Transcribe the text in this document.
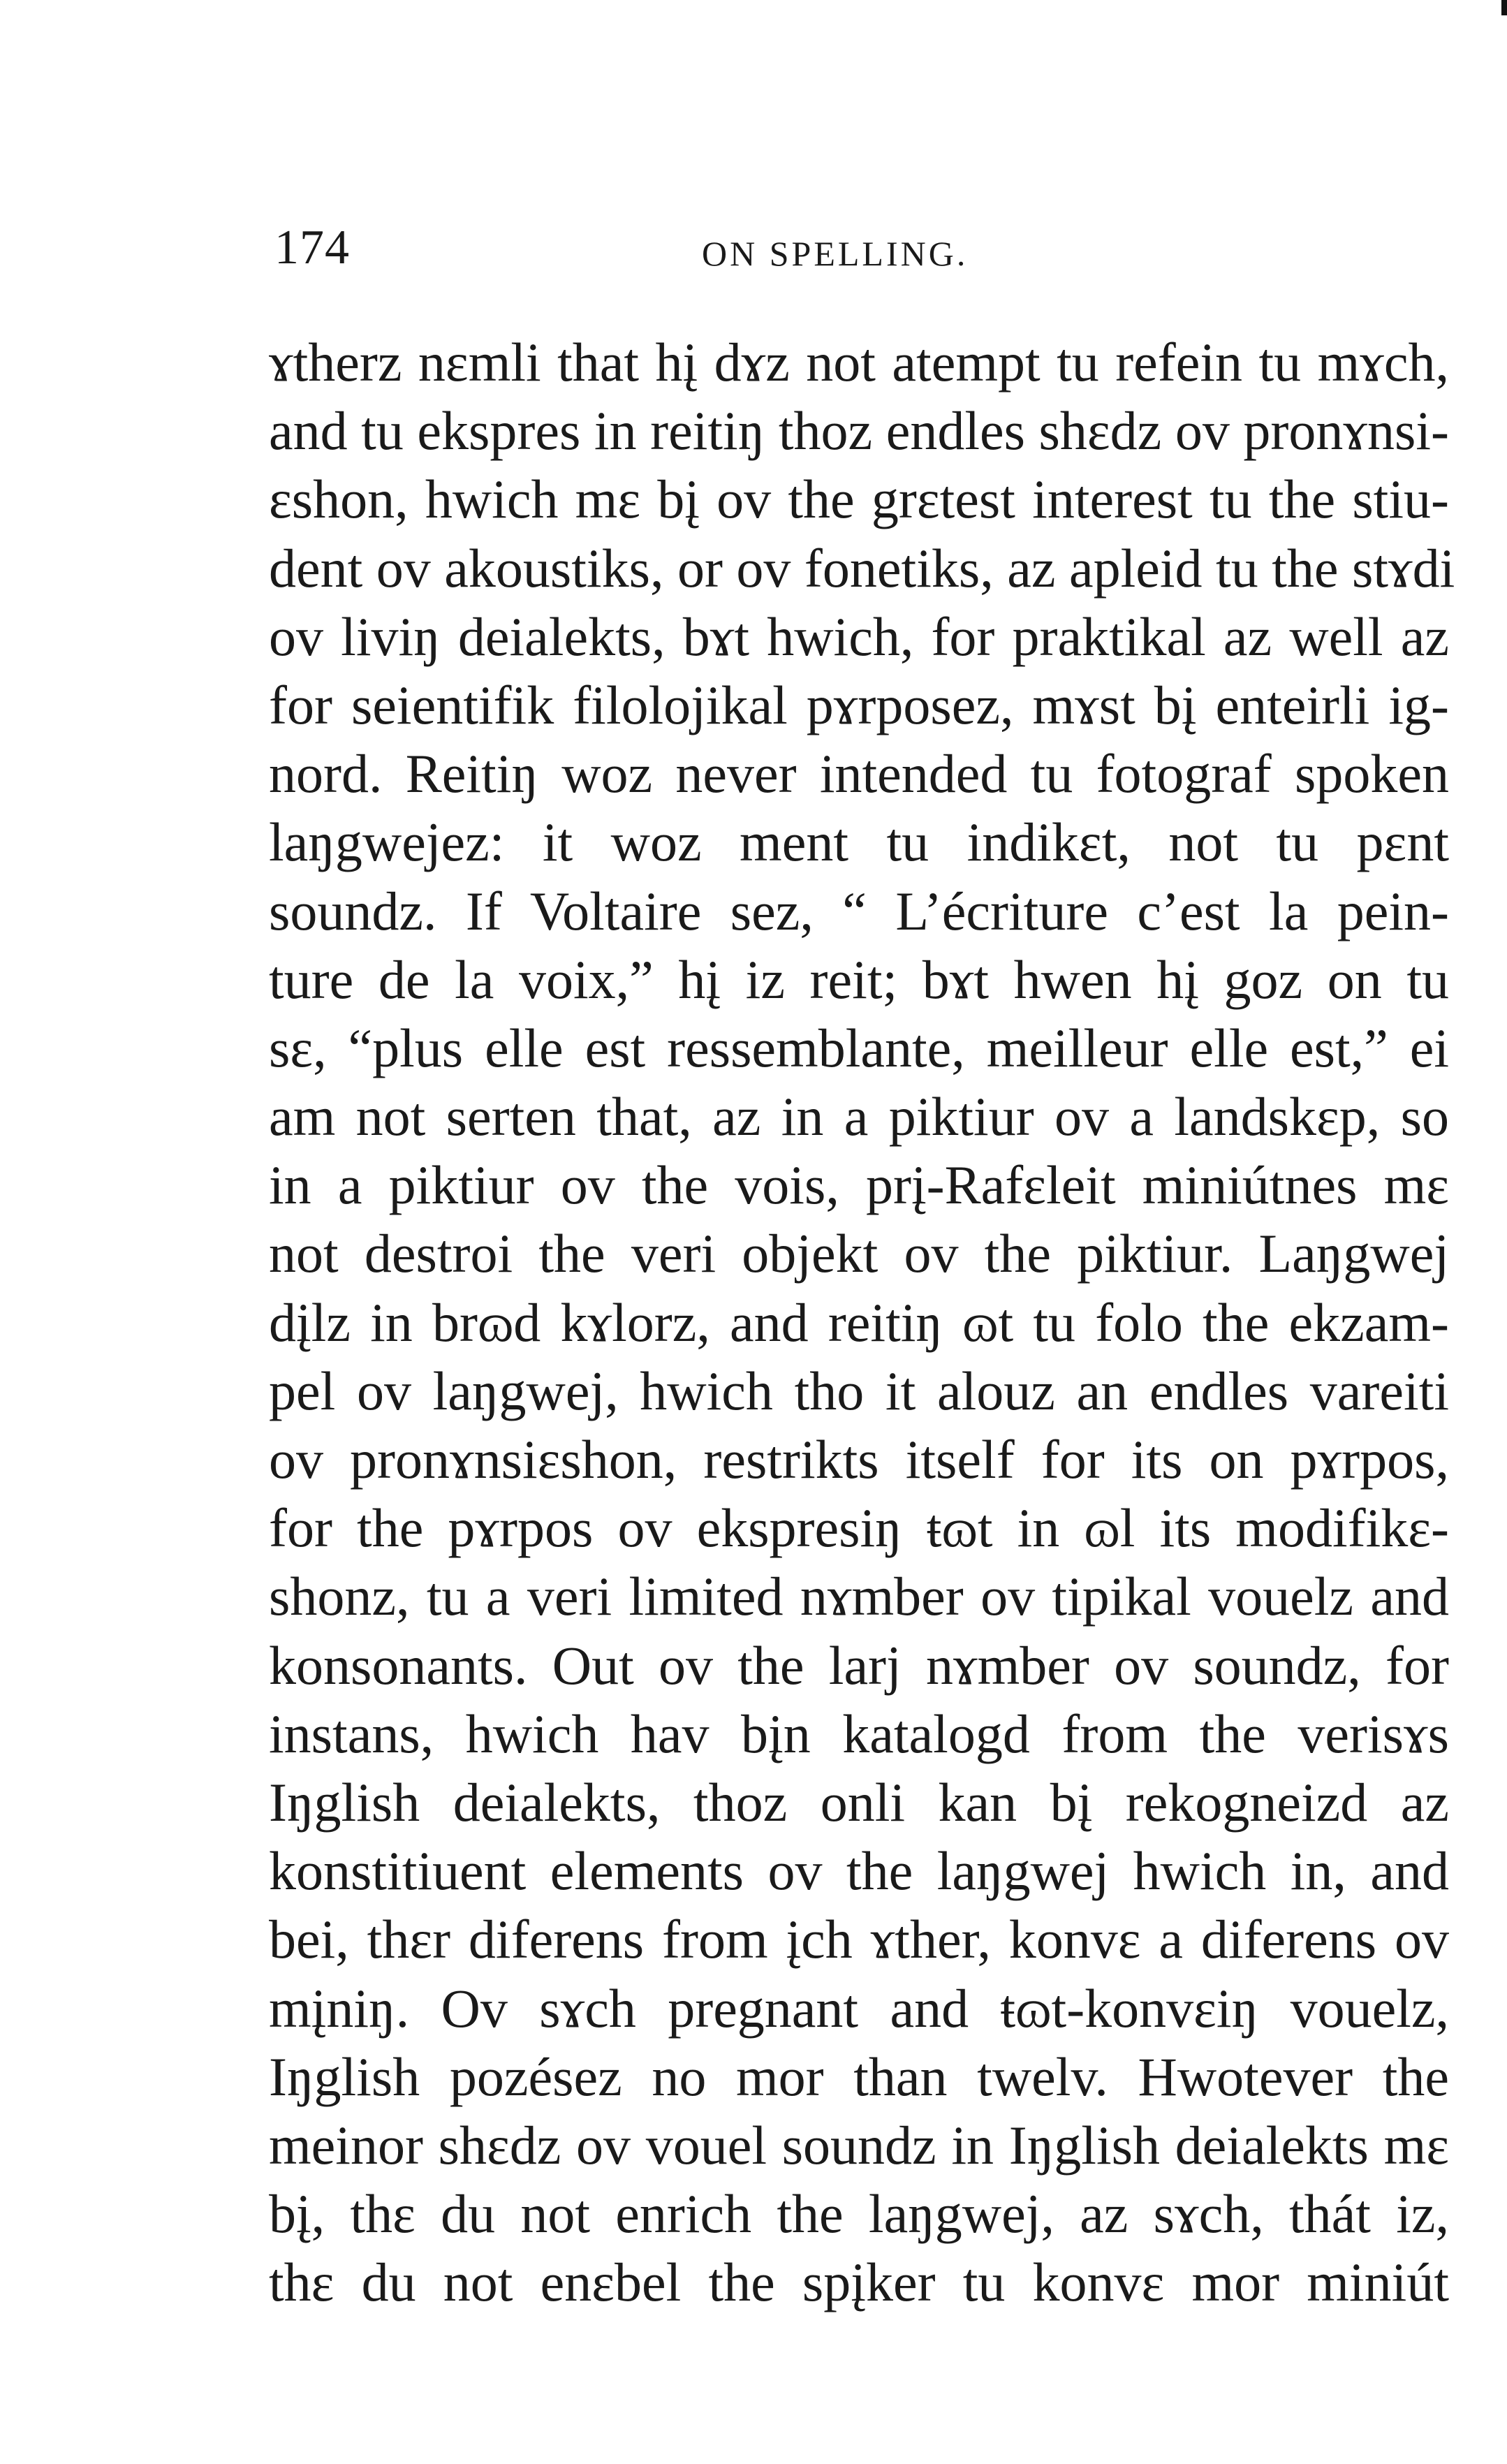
174	ON SPELLING.
ɤtherz nɛmli that hį dɤz not atempt tu refein tu mɤch,
and tu ekspres in reitiŋ thoz endles shɛdz ov pronɤnsi-
ɛshon, hwich mɛ bį ov the grɛtest interest tu the stiu-
dent ov akoustiks, or ov fonetiks, az apleid tu the stɤdi
ov liviŋ deialekts, bɤt hwich, for praktikal az well az
for seientifik filolojikal pɤrposez, mɤst bį enteirli ig-
nord. Reitiŋ woz never intended tu fotograf spoken
laŋgwejez: it woz ment tu indikɛt, not tu pɛnt
soundz. If Voltaire sez, “ L’écriture c’est la pein-
ture de la voix,” hį iz reit; bɤt hwen hį goz on tu
sɛ, “plus elle est ressemblante, meilleur elle est,” ei
am not serten that, az in a piktiur ov a landskɛp, so
in a piktiur ov the vois, prį-Rafɛleit miniútnes mɛ
not destroi the veri objekt ov the piktiur. Laŋgwej
dįlz in brɷd kɤlorz, and reitiŋ ɷt tu folo the ekzam-
pel ov laŋgwej, hwich tho it alouz an endles vareiti
ov pronɤnsiɛshon, restrikts itself for its on pɤrpos,
for the pɤrpos ov ekspresiŋ ŧɷt in ɷl its modifikɛ-
shonz, tu a veri limited nɤmber ov tipikal vouelz and
konsonants. Out ov the larj nɤmber ov soundz, for
instans, hwich hav bįn katalogd from the verisɤs
Iŋglish deialekts, thoz onli kan bį rekogneizd az
konstitiuent elements ov the laŋgwej hwich in, and
bei, thɛr diferens from įch ɤther, konvɛ a diferens ov
mįniŋ. Ov sɤch pregnant and ŧɷt-konvɛiŋ vouelz,
Iŋglish pozésez no mor than twelv. Hwotever the
meinor shɛdz ov vouel soundz in Iŋglish deialekts mɛ
bį, thɛ du not enrich the laŋgwej, az sɤch, thát iz,
thɛ du not enɛbel the spįker tu konvɛ mor miniút
